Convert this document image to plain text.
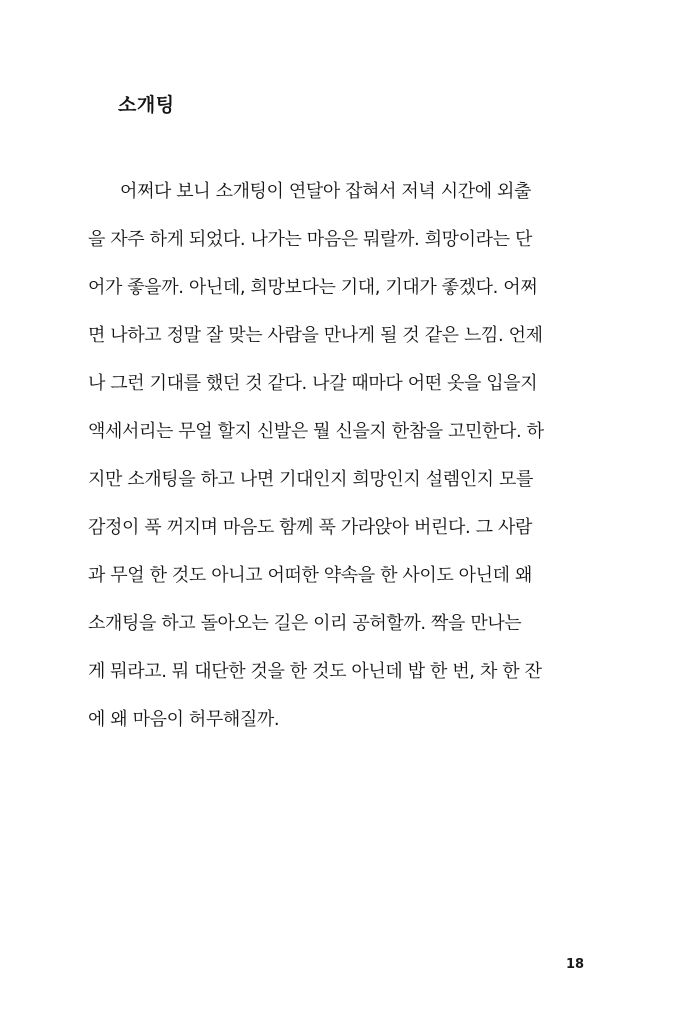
소개팅
어쩌다 보니 소개팅이 연달아 잡혀서 저녁 시간에 외출
을 자주 하게 되었다. 나가는 마음은 뭐랄까. 희망이라는 단
어가 좋을까. 아닌데, 희망보다는 기대, 기대가 좋겠다. 어쩌
면 나하고 정말 잘 맞는 사람을 만나게 될 것 같은 느낌. 언제
나 그런 기대를 했던 것 같다. 나갈 때마다 어떤 옷을 입을지
액세서리는 무얼 할지 신발은 뭘 신을지 한참을 고민한다. 하
지만 소개팅을 하고 나면 기대인지 희망인지 설렘인지 모를
감정이 푹 꺼지며 마음도 함께 푹 가라앉아 버린다. 그 사람
과 무얼 한 것도 아니고 어떠한 약속을 한 사이도 아닌데 왜
소개팅을 하고 돌아오는 길은 이리 공허할까. 짝을 만나는
게 뭐라고. 뭐 대단한 것을 한 것도 아닌데 밥 한 번, 차 한 잔
에 왜 마음이 허무해질까.
18
